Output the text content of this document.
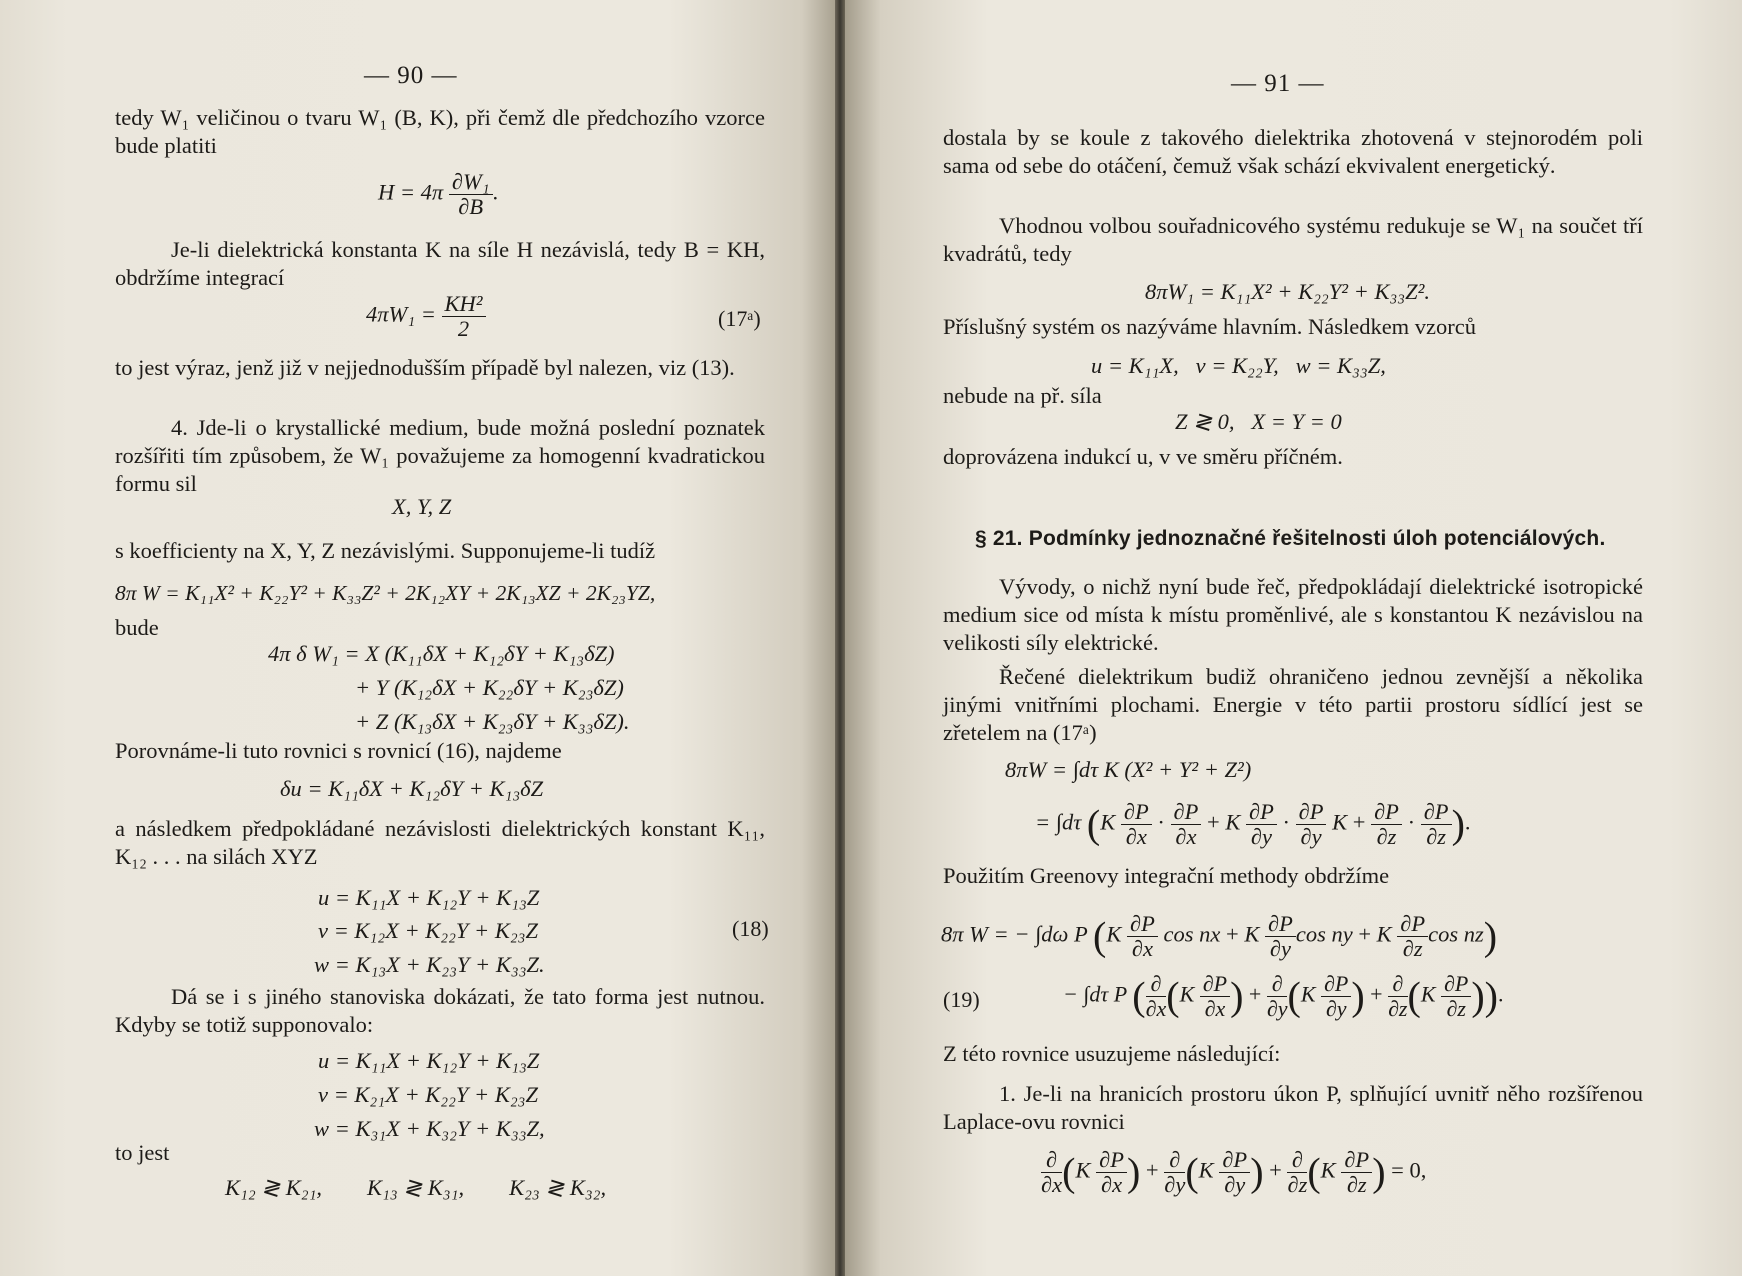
— 90 —

tedy W₁ veličinou o tvaru W₁ (B, K), při čemž dle předchozího vzorce bude platiti

$H = 4\pi \frac{\text{∂W₁}}{\partial B}$ .

Je-li dielektrická konstanta K na síle H nezávislá, tedy B = KH, obdržíme integrací

$4\pi W_1 = \frac{\text{KH²}}{2}$	(17ᵃ)

to jest výraz, jenž již v nejjednodušším případě byl nalezen, viz (13).

4. Jde-li o krystallické medium, bude možná poslední poznatek rozšířiti tím způsobem, že W₁ považujeme za homogenní kvadratickou formu sil

X, Y, Z

s koefficienty na X, Y, Z nezávislými. Supponujeme-li tudíž

8π W = K₁₁X² + K₂₂Y² + K₃₃Z² + 2K₁₂XY + 2K₁₃XZ + 2K₂₃YZ,
bude
4π δ W₁ = X (K₁₁δX + K₁₂δY + K₁₃δZ)
+ Y (K₁₂δX + K₂₂δY + K₂₃δZ)
+ Z (K₁₃δX + K₂₃δY + K₃₃δZ).

Porovnáme-li tuto rovnici s rovnicí (16), najdeme

δu = K₁₁δX + K₁₂δY + K₁₃δZ

a následkem předpokládané nezávislosti dielektrických konstant K₁₁, K₁₂ . . . na silách XYZ

u = K₁₁X + K₁₂Y + K₁₃Z
v = K₁₂X + K₂₂Y + K₂₃Z
w = K₁₃X + K₂₃Y + K₃₃Z.
(18)

Dá se i s jiného stanoviska dokázati, že tato forma jest nutnou. Kdyby se totiž supponovalo:

u = K₁₁X + K₁₂Y + K₁₃Z
v = K₂₁X + K₂₂Y + K₂₃Z
w = K₃₁X + K₃₂Y + K₃₃Z,
to jest
K₁₂ ≷ K₂₁,        K₁₃ ≷ K₃₁,        K₂₃ ≷ K₃₂,
— 91 —

dostala by se koule z takového dielektrika zhotovená v stejnorodém poli sama od sebe do otáčení, čemuž však schází ekvivalent energetický.

Vhodnou volbou souřadnicového systému redukuje se W₁ na součet tří kvadrátů, tedy

8πW₁ = K₁₁X² + K₂₂Y² + K₃₃Z².

Příslušný systém os nazýváme hlavním. Následkem vzorců

u = K₁₁X,   v = K₂₂Y,   w = K₃₃Z,

nebude na př. síla

Z ≷ 0,   X = Y = 0

doprovázena indukcí u, v ve směru příčném.

§ 21. Podmínky jednoznačné řešitelnosti úloh potenciálových.

Vývody, o nichž nyní bude řeč, předpokládají dielektrické isotropické medium sice od místa k místu proměnlivé, ale s konstantou K nezávislou na velikosti síly elektrické.

Řečené dielektrikum budiž ohraničeno jednou zevnější a několika jinými vnitřními plochami. Energie v této partii prostoru sídlící jest se zřetelem na (17ᵃ)

8πW = ∫dτ K (X² + Y² + Z²)
= ∫dτ ($K \frac{\partial P}{\partial x} \cdot \frac{\partial P}{\partial x} + K \frac{\partial P}{\partial y} \cdot \frac{\partial P}{\partial y}$ $K + \frac{\partial P}{\partial z} \cdot \frac{\partial P}{\partial z}$ ).

Použitím Greenovy integrační methody obdržíme

8π W = − ∫dω P ($K \frac{\partial P}{\partial x}$ cos nx + K $\frac{\partial P}{\partial y}$ cos ny + K $\frac{\partial P}{\partial z}$ cos nz)
(19)	− ∫dτ P ( $\frac{\partial}{\partial x} (K \frac{\partial P}{\partial x}$ ) + $\frac{\partial}{\partial y} (K \frac{\partial P}{\partial y}$ ) + $\frac{\partial}{\partial z} (K \frac{\partial P}{\partial z}$ )).

Z této rovnice usuzujeme následující:

1. Je-li na hranicích prostoru úkon P, splňující uvnitř něho rozšířenou Laplace-ovu rovnici

$\frac{\partial}{\partial x} (K \frac{\partial P}{\partial x}$ ) + $\frac{\partial}{\partial y} (K \frac{\partial P}{\partial y}$ ) + $\frac{\partial}{\partial z} (K \frac{\partial P}{\partial z}$ ) = 0,
